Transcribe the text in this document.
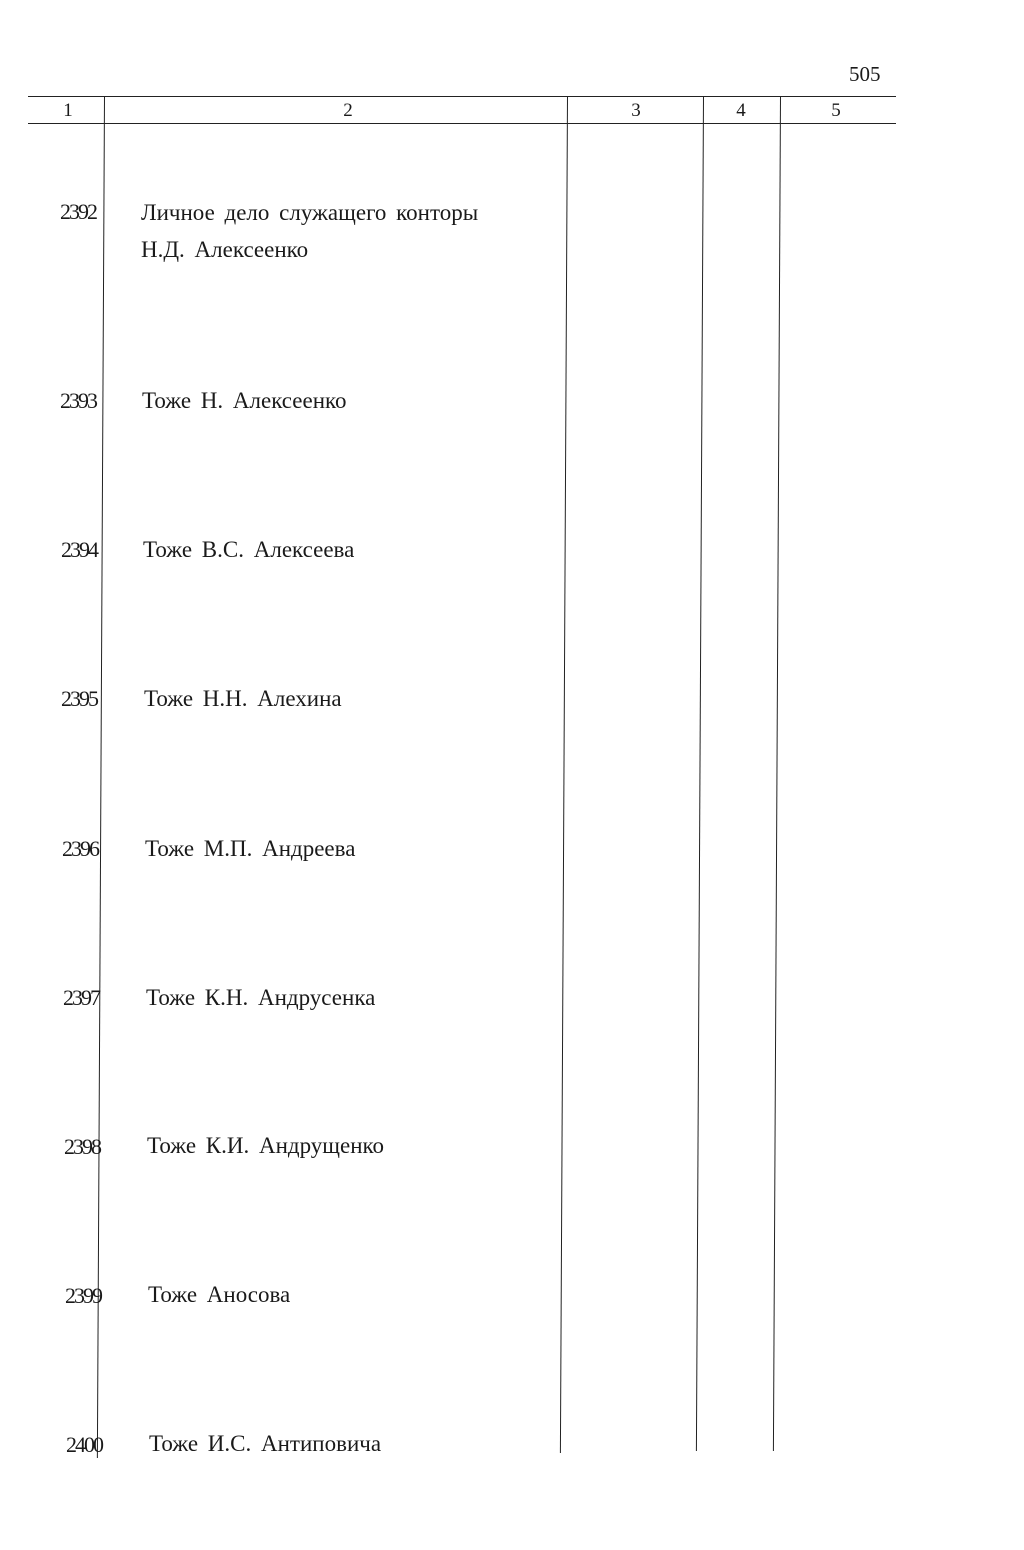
505
1	2	3	4	5
2392 Личное дело служащего конторы
Н.Д. Алексеенко
2393 Тоже Н. Алексеенко
2394 Тоже В.С. Алексеева
2395 Тоже Н.Н. Алехина
2396 Тоже М.П. Андреева
2397 Тоже К.Н. Андрусенка
2398 Тоже К.И. Андрущенко
2399 Тоже Аносова
2400 Тоже И.С. Антиповича
